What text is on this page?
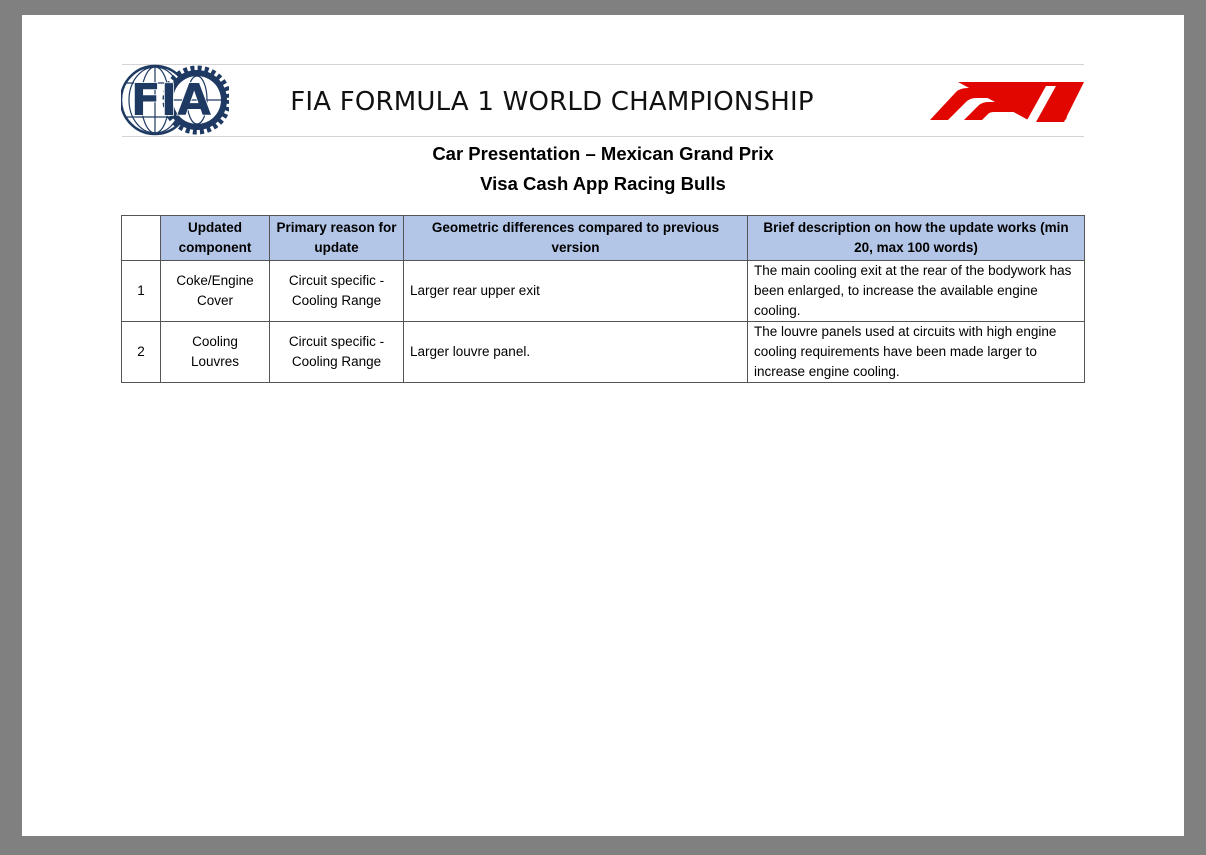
FIA	FIA FORMULA 1 WORLD CHAMPIONSHIP
®
Car Presentation – Mexican Grand Prix
Visa Cash App Racing Bulls
	Updated component	Primary reason for update	Geometric differences compared to previous version	Brief description on how the update works (min 20, max 100 words)
1	Coke/Engine Cover	Circuit specific - Cooling Range	Larger rear upper exit	The main cooling exit at the rear of the bodywork has been enlarged, to increase the available engine cooling.
2	Cooling Louvres	Circuit specific - Cooling Range	Larger louvre panel.	The louvre panels used at circuits with high engine cooling requirements have been made larger to increase engine cooling.
